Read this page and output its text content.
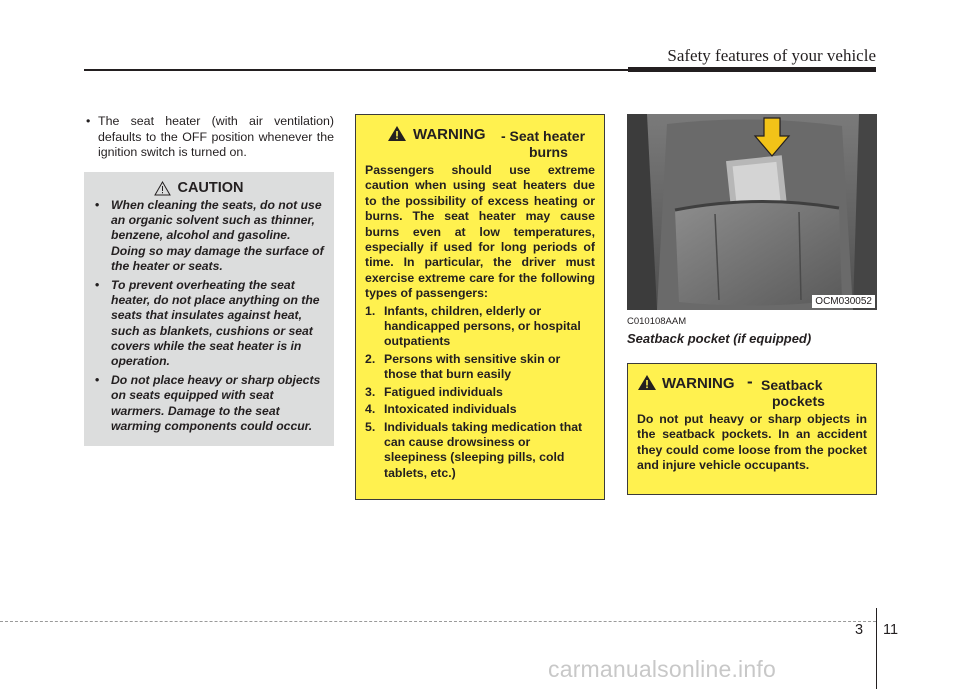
Safety features of your vehicle
• The seat heater (with air ventilation) defaults to the OFF position whenever the ignition switch is turned on.
CAUTION
• When cleaning the seats, do not use an organic solvent such as thinner, benzene, alcohol and gasoline. Doing so may damage the surface of the heater or seats.
• To prevent overheating the seat heater, do not place anything on the seats that insulates against heat, such as blankets, cushions or seat covers while the seat heater is in operation.
• Do not place heavy or sharp objects on seats equipped with seat warmers. Damage to the seat warming components could occur.
WARNING - Seat heater
burns

Passengers should use extreme caution when using seat heaters due to the possibility of excess heating or burns. The seat heater may cause burns even at low temperatures, especially if used for long periods of time. In particular, the driver must exercise extreme care for the following types of passengers:

1. Infants, children, elderly or handicapped persons, or hospital outpatients
2. Persons with sensitive skin or those that burn easily
3. Fatigued individuals
4. Intoxicated individuals
5. Individuals taking medication that can cause drowsiness or sleepiness (sleeping pills, cold tablets, etc.)
OCM030052
C010108AAM
Seatback pocket (if equipped)
WARNING - Seatback
pockets

Do not put heavy or sharp objects in the seatback pockets. In an accident they could come loose from the pocket and injure vehicle occupants.

3 11
carmanualsonline.info
